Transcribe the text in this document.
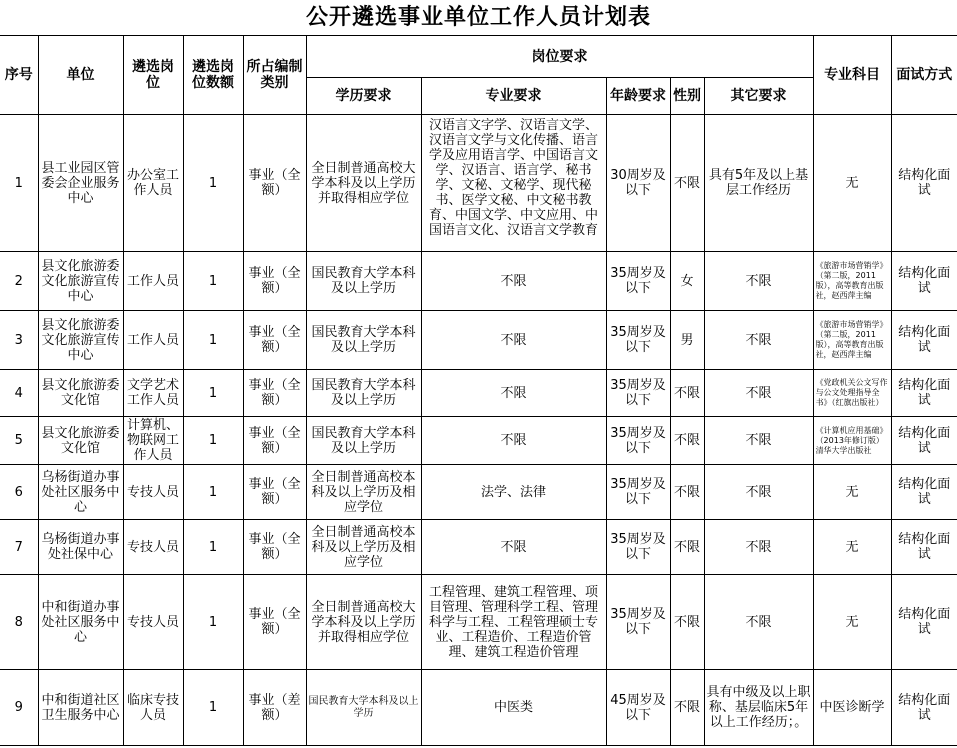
公开遴选事业单位工作人员计划表
序号	单位	遴选岗位	遴选岗位数额	所占编制类别	岗位要求					专业科目	面试方式
					学历要求	专业要求	年龄要求	性别	其它要求		
1	县工业园区管委会企业服务中心	办公室工作人员	1	事业（全额）	全日制普通高校大学本科及以上学历并取得相应学位	汉语言文字学、汉语言文学、汉语言文学与文化传播、语言学及应用语言学、中国语言文学、汉语言、语言学、秘书学、文秘、文秘学、现代秘书、医学文秘、中文秘书教育、中国文学、中文应用、中国语言文化、汉语言文学教育	30周岁及以下	不限	具有5年及以上基层工作经历	无	结构化面试
2	县文化旅游委文化旅游宣传中心	工作人员	1	事业（全额）	国民教育大学本科及以上学历	不限	35周岁及以下	女	不限	《旅游市场营销学》（第二版，2011版），高等教育出版社，赵西萍主编	结构化面试
3	县文化旅游委文化旅游宣传中心	工作人员	1	事业（全额）	国民教育大学本科及以上学历	不限	35周岁及以下	男	不限	《旅游市场营销学》（第二版，2011版），高等教育出版社，赵西萍主编	结构化面试
4	县文化旅游委文化馆	文学艺术工作人员	1	事业（全额）	国民教育大学本科及以上学历	不限	35周岁及以下	不限	不限	《党政机关公文写作与公文处理指导全书》（红旗出版社）	结构化面试
5	县文化旅游委文化馆	计算机、物联网工作人员	1	事业（全额）	国民教育大学本科及以上学历	不限	35周岁及以下	不限	不限	《计算机应用基础》（2013年修订版）清华大学出版社	结构化面试
6	乌杨街道办事处社区服务中心	专技人员	1	事业（全额）	全日制普通高校本科及以上学历及相应学位	法学、法律	35周岁及以下	不限	不限	无	结构化面试
7	乌杨街道办事处社保中心	专技人员	1	事业（全额）	全日制普通高校本科及以上学历及相应学位	不限	35周岁及以下	不限	不限	无	结构化面试
8	中和街道办事处社区服务中心	专技人员	1	事业（全额）	全日制普通高校大学本科及以上学历并取得相应学位	工程管理、建筑工程管理、项目管理、管理科学工程、管理科学与工程、工程管理硕士专业、工程造价、工程造价管理、建筑工程造价管理	35周岁及以下	不限	不限	无	结构化面试
9	中和街道社区卫生服务中心	临床专技人员	1	事业（差额）	国民教育大学本科及以上学历	中医类	45周岁及以下	不限	具有中级及以上职称、基层临床5年以上工作经历；。	中医诊断学	结构化面试
